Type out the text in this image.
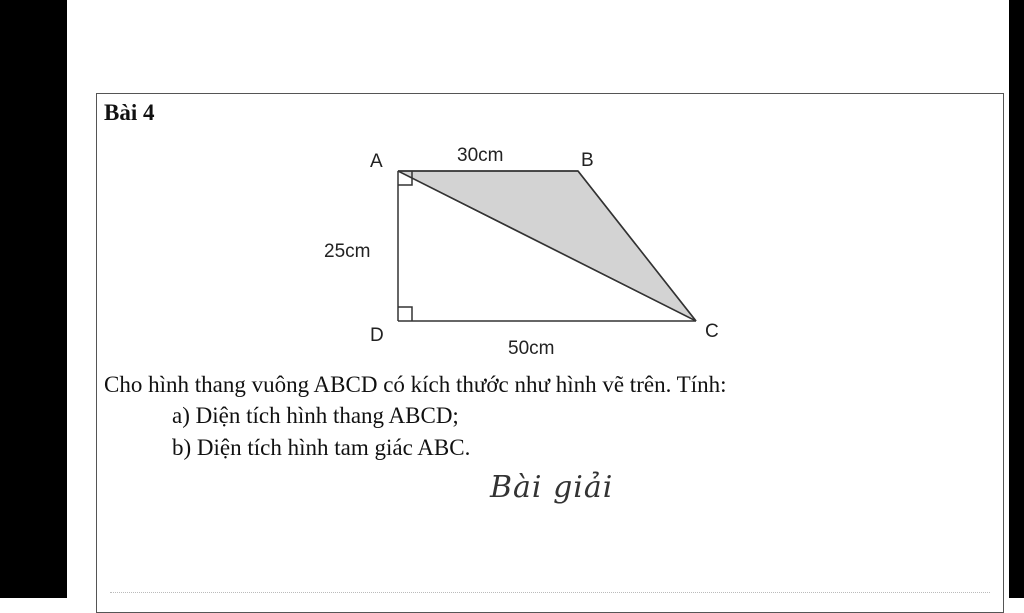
Bài 4
A	B
C
D
30cm
25cm
50cm
Cho hình thang vuông ABCD có kích thước như hình vẽ trên. Tính:
a) Diện tích hình thang ABCD;
b) Diện tích hình tam giác ABC.
Bài giải
